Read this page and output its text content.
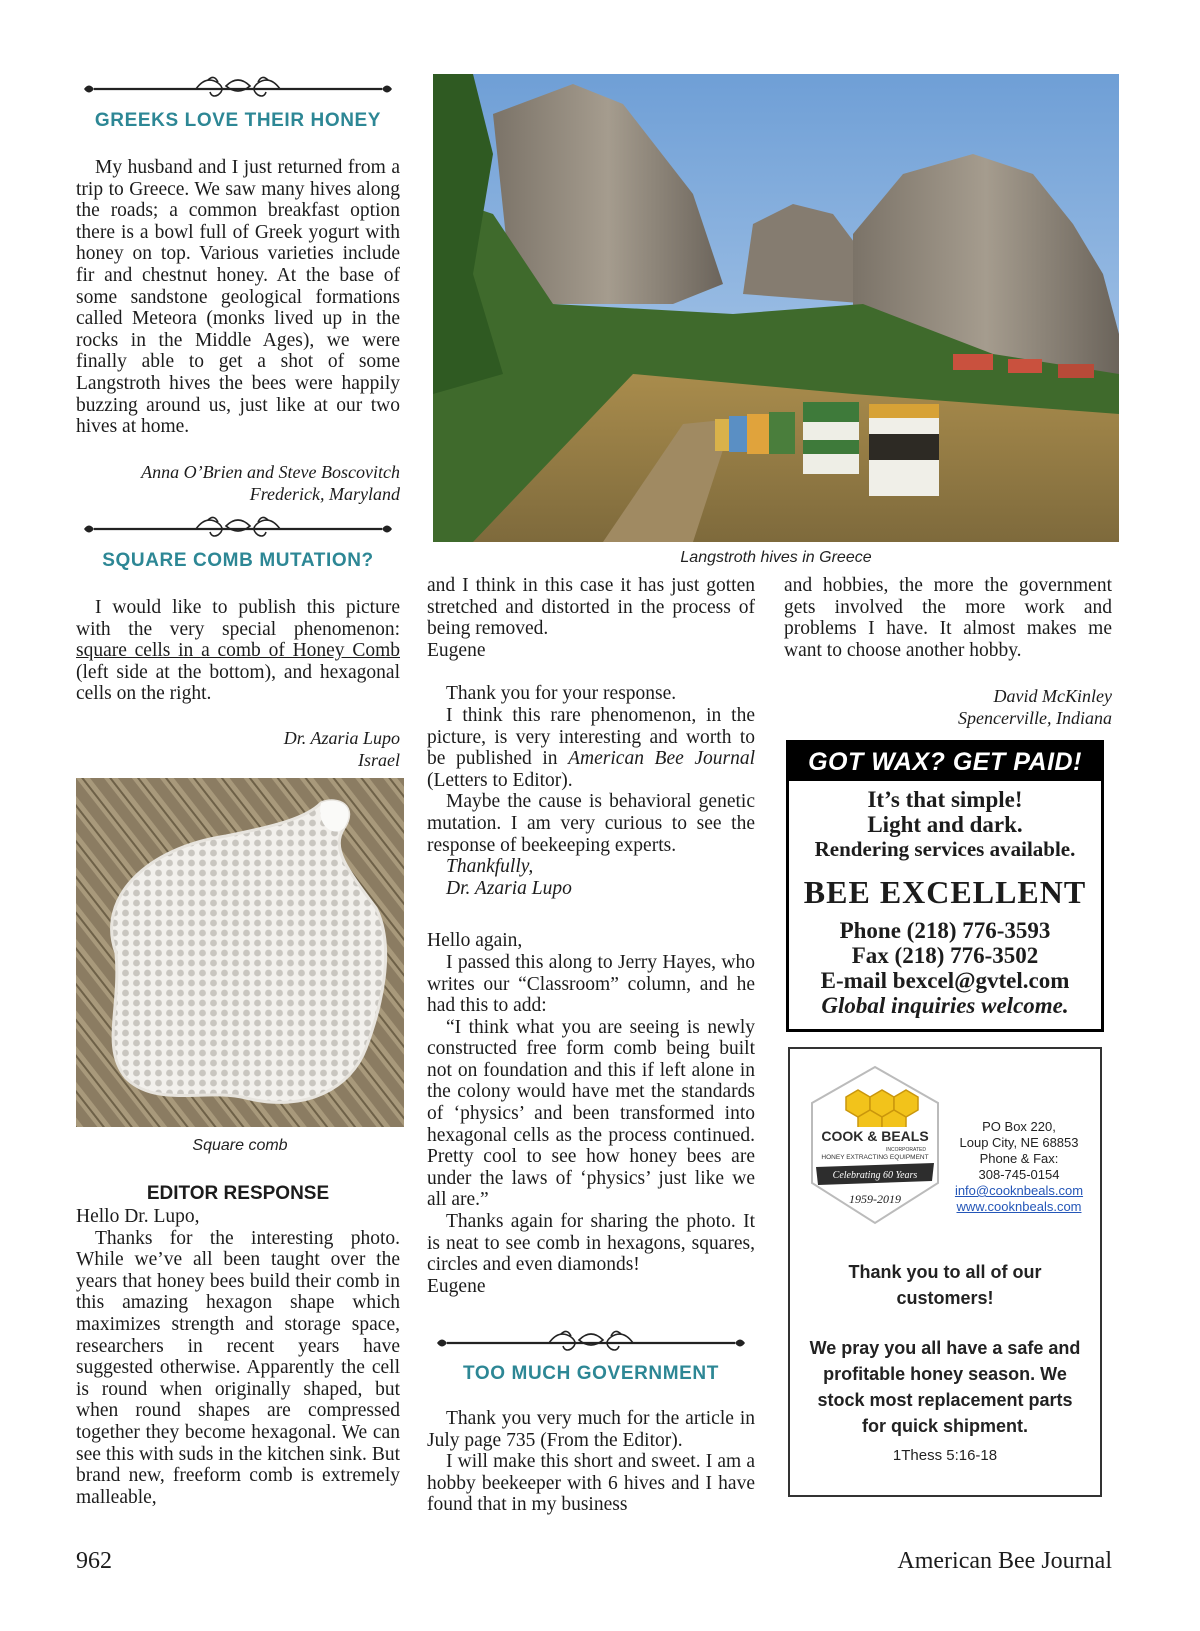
GREEKS LOVE THEIR HONEY

My husband and I just returned from a trip to Greece. We saw many hives along the roads; a common breakfast option there is a bowl full of Greek yogurt with honey on top. Various varieties include fir and chestnut honey. At the base of some sandstone geological formations called Meteora (monks lived up in the rocks in the Middle Ages), we were finally able to get a shot of some Langstroth hives the bees were happily buzzing around us, just like at our two hives at home.

Anna O’Brien and Steve Boscovitch
Frederick, Maryland
SQUARE COMB MUTATION?

I would like to publish this picture with the very special phenomenon: square cells in a comb of Honey Comb (left side at the bottom), and hexagonal cells on the right.

Dr. Azaria Lupo
Israel
Square comb
EDITOR RESPONSE

Hello Dr. Lupo,

Thanks for the interesting photo. While we’ve all been taught over the years that honey bees build their comb in this amazing hexagon shape which maximizes strength and storage space, researchers in recent years have suggested otherwise. Apparently the cell is round when originally shaped, but when round shapes are compressed together they become hexagonal. We can see this with suds in the kitchen sink. But brand new, freeform comb is extremely malleable,

Langstroth hives in Greece

and I think in this case it has just gotten stretched and distorted in the process of being removed.

Eugene

Thank you for your response.

I think this rare phenomenon, in the picture, is very interesting and worth to be published in American Bee Journal (Letters to Editor).

Maybe the cause is behavioral genetic mutation. I am very curious to see the response of beekeeping experts.

Thankfully,

Dr. Azaria Lupo

Hello again,

I passed this along to Jerry Hayes, who writes our “Classroom” column, and he had this to add:

“I think what you are seeing is newly constructed free form comb being built not on foundation and this if left alone in the colony would have met the standards of ‘physics’ and been transformed into hexagonal cells as the process continued. Pretty cool to see how honey bees are under the laws of ‘physics’ just like we all are.”

Thanks again for sharing the photo. It is neat to see comb in hexagons, squares, circles and even diamonds!

Eugene

TOO MUCH GOVERNMENT

Thank you very much for the article in July page 735 (From the Editor).

I will make this short and sweet. I am a hobby beekeeper with 6 hives and I have found that in my business

and hobbies, the more the government gets involved the more work and problems I have. It almost makes me want to choose another hobby.

David McKinley
Spencerville, Indiana
GOT WAX? GET PAID!
It’s that simple!
Light and dark.
Rendering services available.
BEE EXCELLENT
Phone (218) 776-3593
Fax (218) 776-3502
E-mail bexcel@gvtel.com
Global inquiries welcome.
COOK & BEALS
INCORPORATED
HONEY EXTRACTING EQUIPMENT
Celebrating 60 Years
1959-2019
PO Box 220,
Loup City, NE 68853
Phone & Fax:
308-745-0154
info@cooknbeals.com
www.cooknbeals.com
Thank you to all of our customers!
We pray you all have a safe and profitable honey season. We stock most replacement parts for quick shipment.
1Thess 5:16-18
962	American Bee Journal
